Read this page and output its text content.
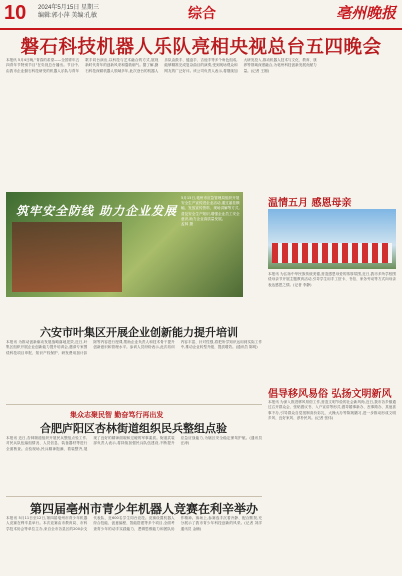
10 2024年5月15日 星期三
编辑:郭小萍 美编:孔敏	综合	亳州晚报
磐石科技机器人乐队亮相央视总台五四晚会

本报讯 5月4日晚,"青春的希望——全国青年五四青年节特别节目"在央视总台播出。节目中,由我市企业磐石科技研发的机器人乐队与青年歌手同台演出,以科技与艺术融合的方式,展现新时代青年的创新风采和蓬勃朝气。据了解,磐石科技深耕机器人领域多年,此次登台的机器人乐队由鼓手、键盘手、吉他手等多个角色组成,能够精准完成复杂曲目的演奏,受到现场观众和网友的广泛好评。该公司负责人表示,将继续加大研发投入,推动机器人技术与文化、教育、康养等领域深度融合,为亳州科技创新发展贡献力量。(记者 王刚)

筑牢安全防线 助力企业发展
5月15日,亳州市应急管理局组织开展安全生产宣传进企业活动,通过悬挂横幅、发放宣传资料、现场讲解等方式,普及安全生产知识,增强企业员工安全意识,助力企业高质量发展。
孟林 摄
温情五月 感恩母亲

本报讯 为弘扬中华民族传统美德,营造感恩母爱的浓厚氛围,近日,我市多所学校围绕母亲节开展主题教育活动,引导学生用手工贺卡、书信、家务劳动等方式向母亲表达感恩之情。(记者 李静)

六安市叶集区开展企业创新能力提升培训

本报讯 为推动创新驱动发展战略落地见效,近日,叶集区组织开展企业创新能力提升培训会,邀请专家围绕科技项目申报、知识产权保护、研发费用加计扣除等内容进行授课,帮助企业负责人和技术骨干提升创新意识和管理水平。参训人员纷纷表示,此次培训内容丰富、针对性强,将把所学知识运用到实际工作中,推动企业转型升级、提质增效。(通讯员 陈明)

集众志聚民智 勤奋笃行再出发
合肥庐阳区杏林街道组织民兵整组点验

本报讯 近日,杏林街道组织开展民兵整组点验工作,对民兵队伍编组情况、人员信息、装备器材等进行全面核查。点验现场,民兵精神饱满、着装整齐,展现了良好的精神面貌和过硬的军事素质。街道武装部负责人表示,将持续加强民兵队伍建设,不断提升应急应战能力,为辖区安全稳定保驾护航。(通讯员 汪涛)

倡导移风易俗 弘扬文明新风

本报讯 为深入推进移风易俗工作,营造文明节俭的社会新风尚,近日,我市各乡镇通过召开群众会、张贴倡议书、入户宣讲等形式,倡导婚事新办、丧事简办、其他喜事不办,引导群众自觉抵制高价彩礼、大操大办等陈规陋习,进一步推动形成文明乡风、良好家风、淳朴民风。(记者 张伟)

第四届亳州市青少年机器人竞赛在利辛举办

本报讯 5月11日至12日,第四届亳州市青少年机器人竞赛在利辛县举行。本次竞赛由市教育局、市科学技术协会等单位主办,来自全市各县区的200余支代表队、近600名学生同台竞技。竞赛设置机器人综合技能、创意编程、智能搭建等多个项目,全面考查青少年的动手实践能力、逻辑思维能力和团队协作精神。赛场上,参赛选手沉着冷静、配合默契,充分展示了我市青少年科技创新的风采。(记者 刘洋 通讯员 金楠)
